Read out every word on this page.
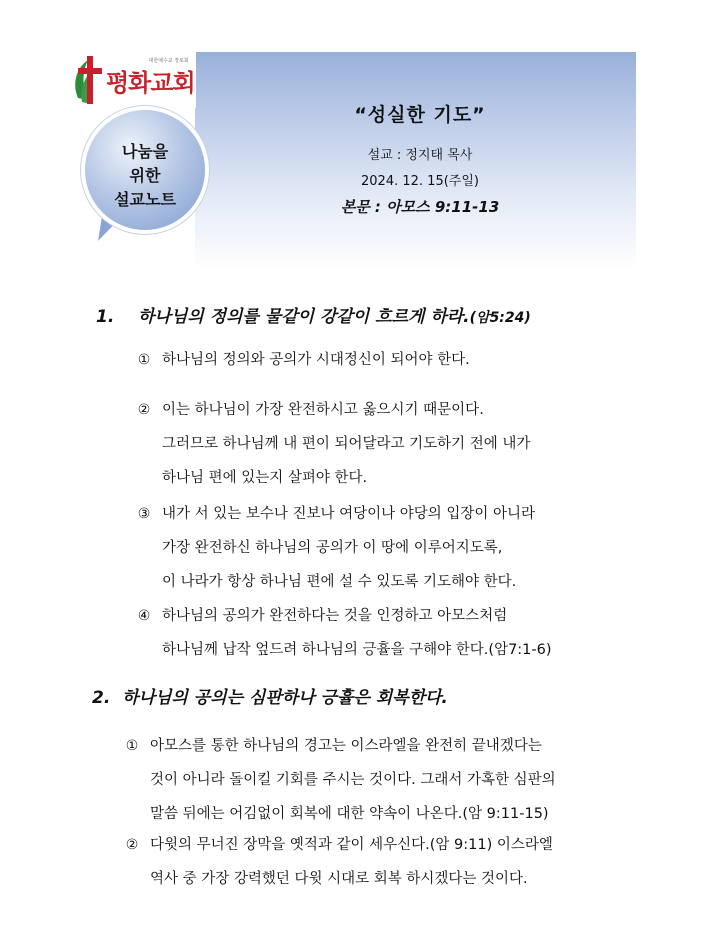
대한예수교 장로회
평화교회
나눔을
위한
설교노트
“성실한 기도”
설교 : 정지태 목사
2024. 12. 15(주일)
본문 : 아모스 9:11-13
1. 하나님의 정의를 물같이 강같이 흐르게 하라.(암5:24)
① 하나님의 정의와 공의가 시대정신이 되어야 한다.
② 이는 하나님이 가장 완전하시고 옳으시기 때문이다.
그러므로 하나님께 내 편이 되어달라고 기도하기 전에 내가
하나님 편에 있는지 살펴야 한다.
③ 내가 서 있는 보수나 진보나 여당이나 야당의 입장이 아니라
가장 완전하신 하나님의 공의가 이 땅에 이루어지도록,
이 나라가 항상 하나님 편에 설 수 있도록 기도해야 한다.
④ 하나님의 공의가 완전하다는 것을 인정하고 아모스처럼
하나님께 납작 엎드려 하나님의 긍휼을 구해야 한다.(암7:1-6)
2. 하나님의 공의는 심판하나 긍휼은 회복한다.
① 아모스를 통한 하나님의 경고는 이스라엘을 완전히 끝내겠다는
것이 아니라 돌이킬 기회를 주시는 것이다. 그래서 가혹한 심판의
말씀 뒤에는 어김없이 회복에 대한 약속이 나온다.(암 9:11-15)
② 다윗의 무너진 장막을 옛적과 같이 세우신다.(암 9:11) 이스라엘
역사 중 가장 강력했던 다윗 시대로 회복 하시겠다는 것이다.
